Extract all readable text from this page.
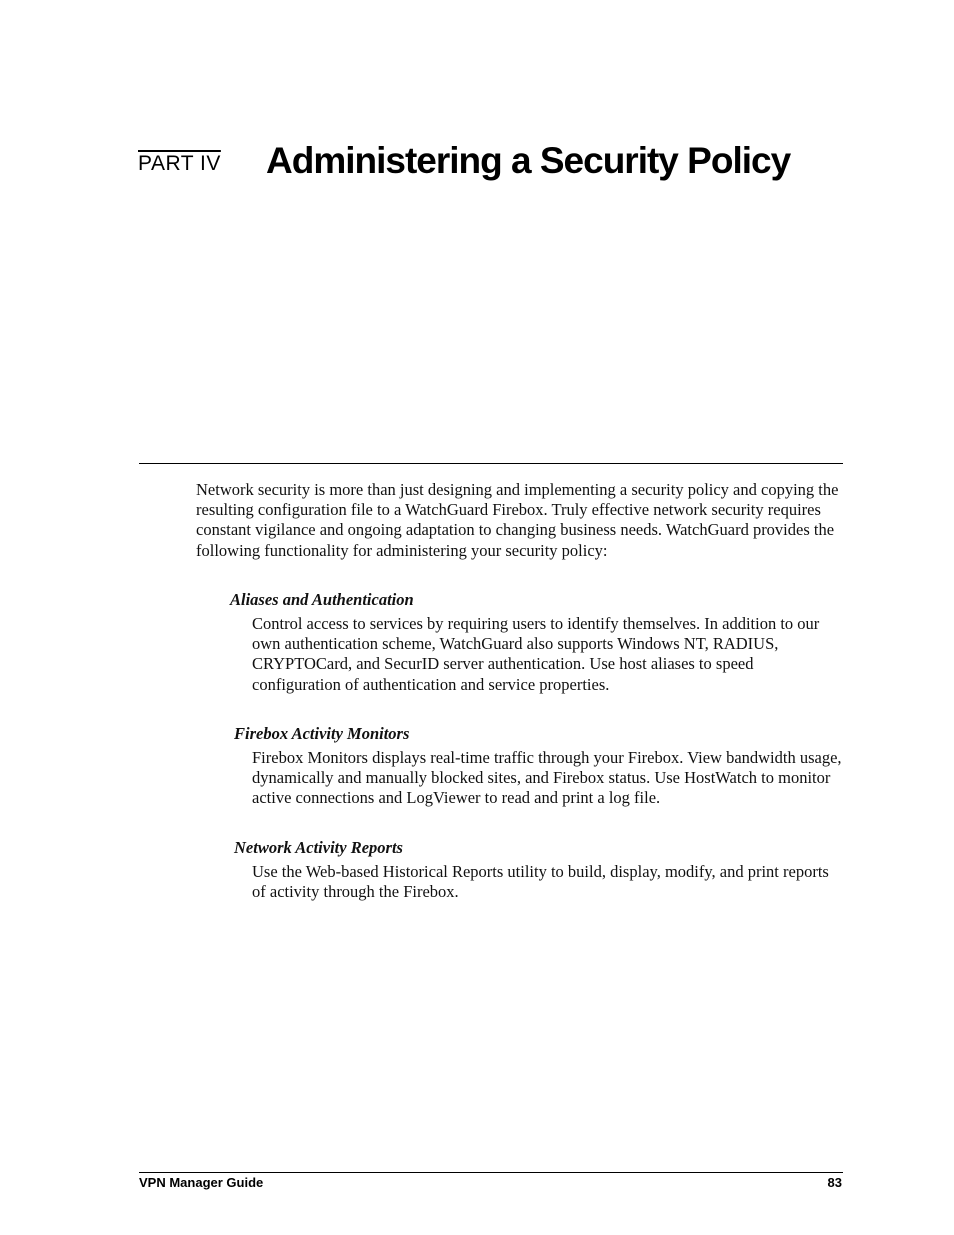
PART IV Administering a Security Policy
Network security is more than just designing and implementing a security policy and copying the resulting configuration file to a WatchGuard Firebox. Truly effective network security requires constant vigilance and ongoing adaptation to changing business needs. WatchGuard provides the following functionality for administering your security policy:
Aliases and Authentication
Control access to services by requiring users to identify themselves. In addition to our own authentication scheme, WatchGuard also supports Windows NT, RADIUS, CRYPTOCard, and SecurID server authentication. Use host aliases to speed configuration of authentication and service properties.
Firebox Activity Monitors
Firebox Monitors displays real-time traffic through your Firebox. View bandwidth usage, dynamically and manually blocked sites, and Firebox status. Use HostWatch to monitor active connections and LogViewer to read and print a log file.
Network Activity Reports
Use the Web-based Historical Reports utility to build, display, modify, and print reports of activity through the Firebox.
VPN Manager Guide	83
